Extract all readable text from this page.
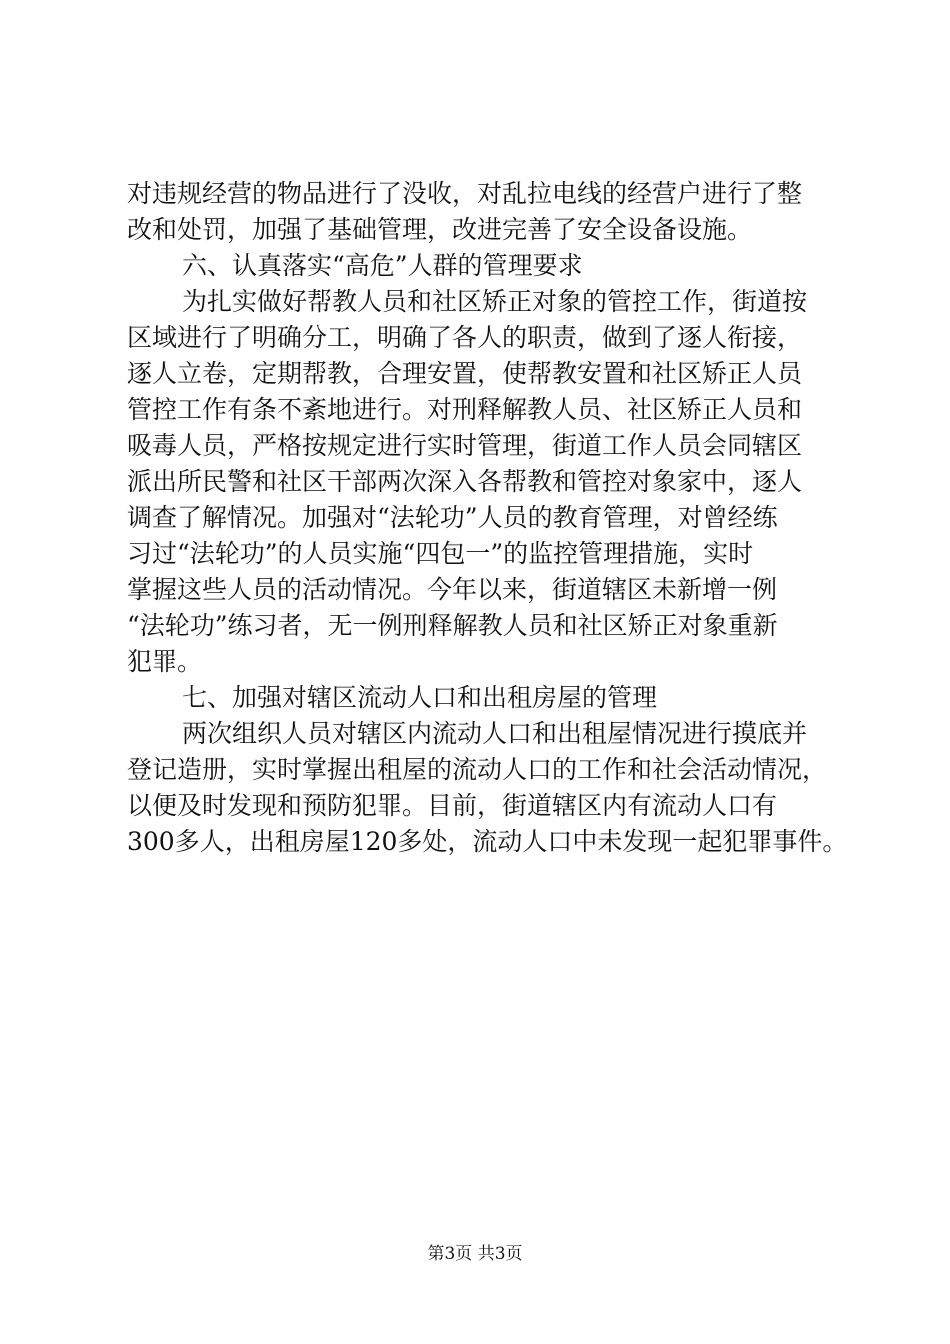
对违规经营的物品进行了没收，对乱拉电线的经营户进行了整
改和处罚，加强了基础管理，改进完善了安全设备设施。
六、认真落实“高危”人群的管理要求
为扎实做好帮教人员和社区矫正对象的管控工作，街道按
区域进行了明确分工，明确了各人的职责，做到了逐人衔接，
逐人立卷，定期帮教，合理安置，使帮教安置和社区矫正人员
管控工作有条不紊地进行。对刑释解教人员、社区矫正人员和
吸毒人员，严格按规定进行实时管理，街道工作人员会同辖区
派出所民警和社区干部两次深入各帮教和管控对象家中，逐人
调查了解情况。加强对“法轮功”人员的教育管理，对曾经练
习过“法轮功”的人员实施“四包一”的监控管理措施，实时
掌握这些人员的活动情况。今年以来，街道辖区未新增一例
“法轮功”练习者，无一例刑释解教人员和社区矫正对象重新
犯罪。
七、加强对辖区流动人口和出租房屋的管理
两次组织人员对辖区内流动人口和出租屋情况进行摸底并
登记造册，实时掌握出租屋的流动人口的工作和社会活动情况，
以便及时发现和预防犯罪。目前，街道辖区内有流动人口有
300多人，出租房屋120多处，流动人口中未发现一起犯罪事件。
第3页 共3页
